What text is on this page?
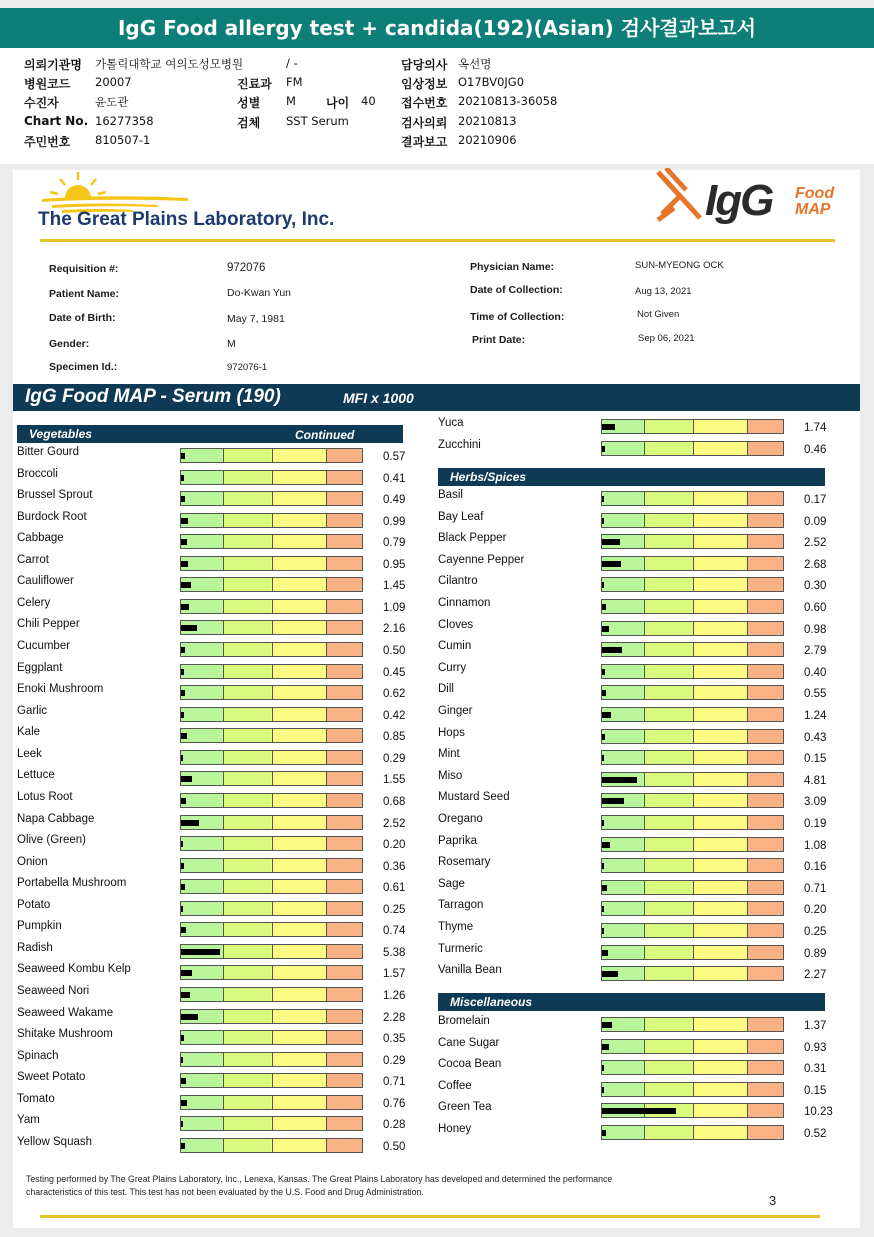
IgG Food allergy test + candida(192)(Asian) 검사결과보고서
의뢰기관명 가톨릭대학교 여의도성모병원	/ -
병원코드 20007	진료과 FM
수진자	윤도관	성별 M	나이 40
Chart No. 16277358	검체 SST Serum
주민번호 810507-1
담당의사 옥선명
임상정보 O17BV0JG0
접수번호 20210813-36058
검사의뢰 20210813
결과보고 20210906
The Great Plains Laboratory, Inc.	IgG Food
MAP
Requisition #:	972076
Patient Name:	Do-Kwan Yun
Date of Birth:	May 7, 1981
Gender:	M
Specimen Id.:	972076-1
Physician Name:	SUN-MYEONG OCK
Date of Collection:	Aug 13, 2021
Time of Collection:	Not Given
Print Date:	Sep 06, 2021
IgG Food MAP - Serum (190)	MFI x 1000
Vegetables	Continued
Herbs/Spices
Miscellaneous
Bitter Gourd	0.57
Broccoli	0.41
Brussel Sprout	0.49
Burdock Root	0.99
Cabbage	0.79
Carrot	0.95
Cauliflower	1.45
Celery	1.09
Chili Pepper	2.16
Cucumber	0.50
Eggplant	0.45
Enoki Mushroom	0.62
Garlic	0.42
Kale	0.85
Leek	0.29
Lettuce	1.55
Lotus Root	0.68
Napa Cabbage	2.52
Olive (Green)	0.20
Onion	0.36
Portabella Mushroom	0.61
Potato	0.25
Pumpkin	0.74
Radish	5.38
Seaweed Kombu Kelp	1.57
Seaweed Nori	1.26
Seaweed Wakame	2.28
Shitake Mushroom	0.35
Spinach	0.29
Sweet Potato	0.71
Tomato	0.76
Yam	0.28
Yellow Squash	0.50
Yuca	1.74
Zucchini	0.46
Basil	0.17
Bay Leaf	0.09
Black Pepper	2.52
Cayenne Pepper	2.68
Cilantro	0.30
Cinnamon	0.60
Cloves	0.98
Cumin	2.79
Curry	0.40
Dill	0.55
Ginger	1.24
Hops	0.43
Mint	0.15
Miso	4.81
Mustard Seed	3.09
Oregano	0.19
Paprika	1.08
Rosemary	0.16
Sage	0.71
Tarragon	0.20
Thyme	0.25
Turmeric	0.89
Vanilla Bean	2.27
Bromelain	1.37
Cane Sugar	0.93
Cocoa Bean	0.31
Coffee	0.15
Green Tea	10.23
Honey	0.52
Testing performed by The Great Plains Laboratory, Inc., Lenexa, Kansas. The Great Plains Laboratory has developed and determined the performance
characteristics of this test. This test has not been evaluated by the U.S. Food and Drug Administration.
3
